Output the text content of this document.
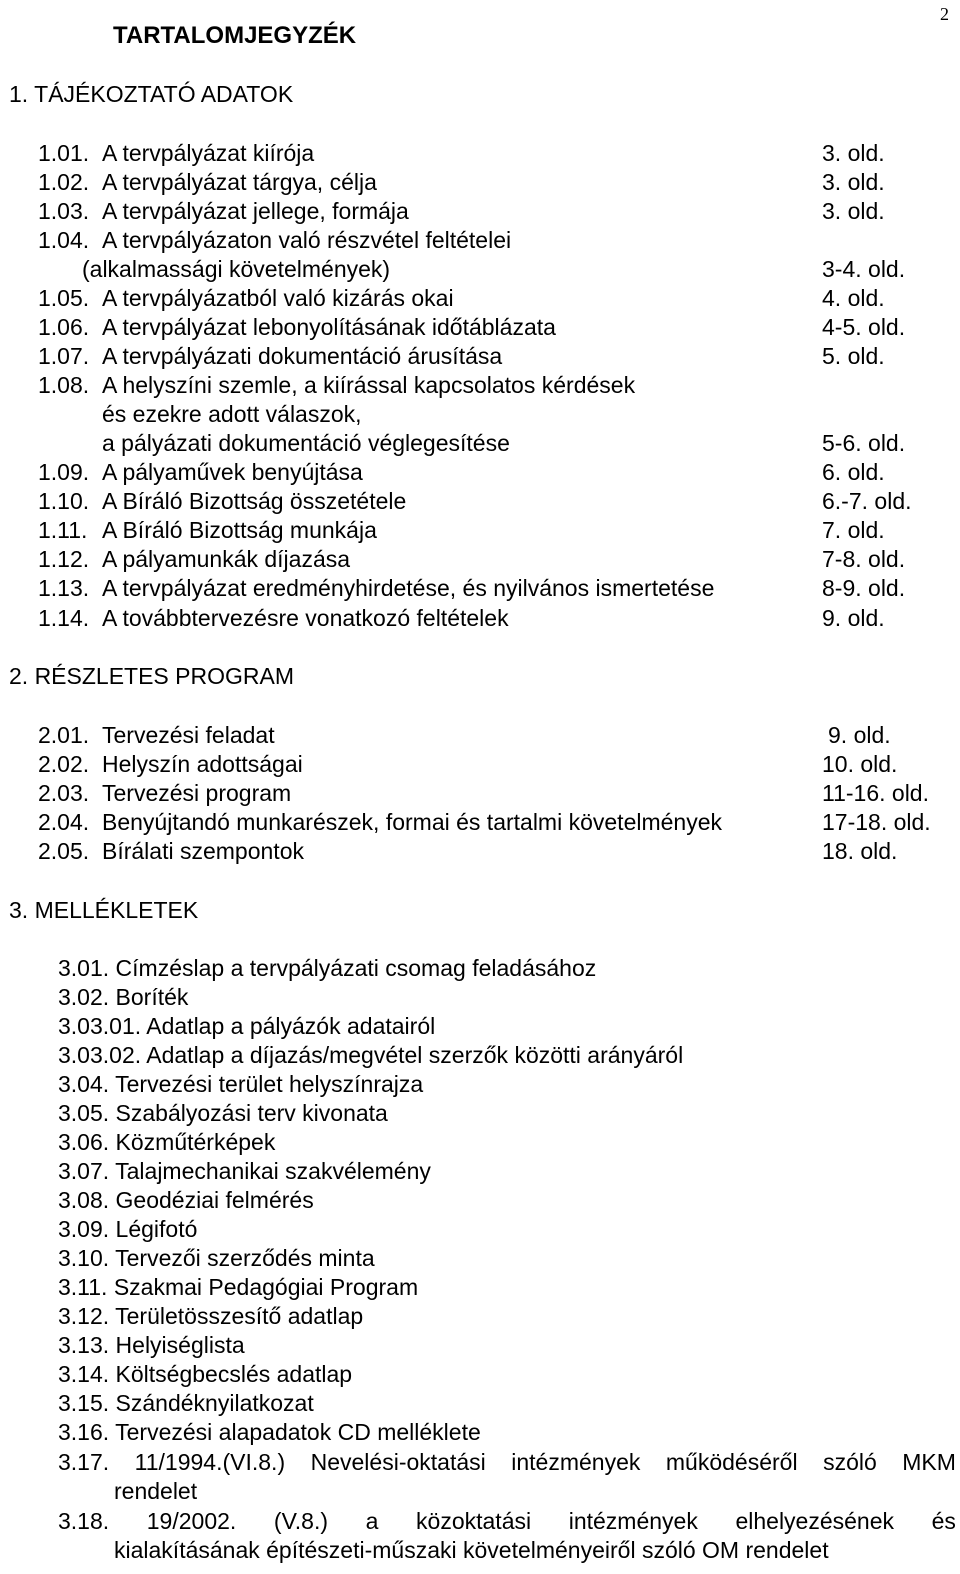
2
TARTALOMJEGYZÉK
1. TÁJÉKOZTATÓ ADATOK
1.01. A tervpályázat kiírója	3. old.
1.02. A tervpályázat tárgya, célja	3. old.
1.03. A tervpályázat jellege, formája	3. old.
1.04. A tervpályázaton való részvétel feltételei
(alkalmassági követelmények)	3-4. old.
1.05. A tervpályázatból való kizárás okai	4. old.
1.06. A tervpályázat lebonyolításának időtáblázata	4-5. old.
1.07. A tervpályázati dokumentáció árusítása	5. old.
1.08. A helyszíni szemle, a kiírással kapcsolatos kérdések
és ezekre adott válaszok,
a pályázati dokumentáció véglegesítése	5-6. old.
1.09. A pályaművek benyújtása	6. old.
1.10. A Bíráló Bizottság összetétele	6.-7. old.
1.11. A Bíráló Bizottság munkája	7. old.
1.12. A pályamunkák díjazása	7-8. old.
1.13. A tervpályázat eredményhirdetése, és nyilvános ismertetése	8-9. old.
1.14. A továbbtervezésre vonatkozó feltételek	9. old.
2. RÉSZLETES PROGRAM
2.01. Tervezési feladat	9. old.
2.02. Helyszín adottságai	10. old.
2.03. Tervezési program	11-16. old.
2.04. Benyújtandó munkarészek, formai és tartalmi követelmények	17-18. old.
2.05. Bírálati szempontok	18. old.
3. MELLÉKLETEK
3.01. Címzéslap a tervpályázati csomag feladásához
3.02. Boríték
3.03.01. Adatlap a pályázók adatairól
3.03.02. Adatlap a díjazás/megvétel szerzők közötti arányáról
3.04. Tervezési terület helyszínrajza
3.05. Szabályozási terv kivonata
3.06. Közműtérképek
3.07. Talajmechanikai szakvélemény
3.08. Geodéziai felmérés
3.09. Légifotó
3.10. Tervezői szerződés minta
3.11. Szakmai Pedagógiai Program
3.12. Területösszesítő adatlap
3.13. Helyiséglista
3.14. Költségbecslés adatlap
3.15. Szándéknyilatkozat
3.16. Tervezési alapadatok CD melléklete
3.17. 11/1994.(VI.8.) Nevelési-oktatási intézmények működéséről szóló MKM
rendelet
3.18. 19/2002. (V.8.) a közoktatási intézmények elhelyezésének és
kialakításának építészeti-műszaki követelményeiről szóló OM rendelet
